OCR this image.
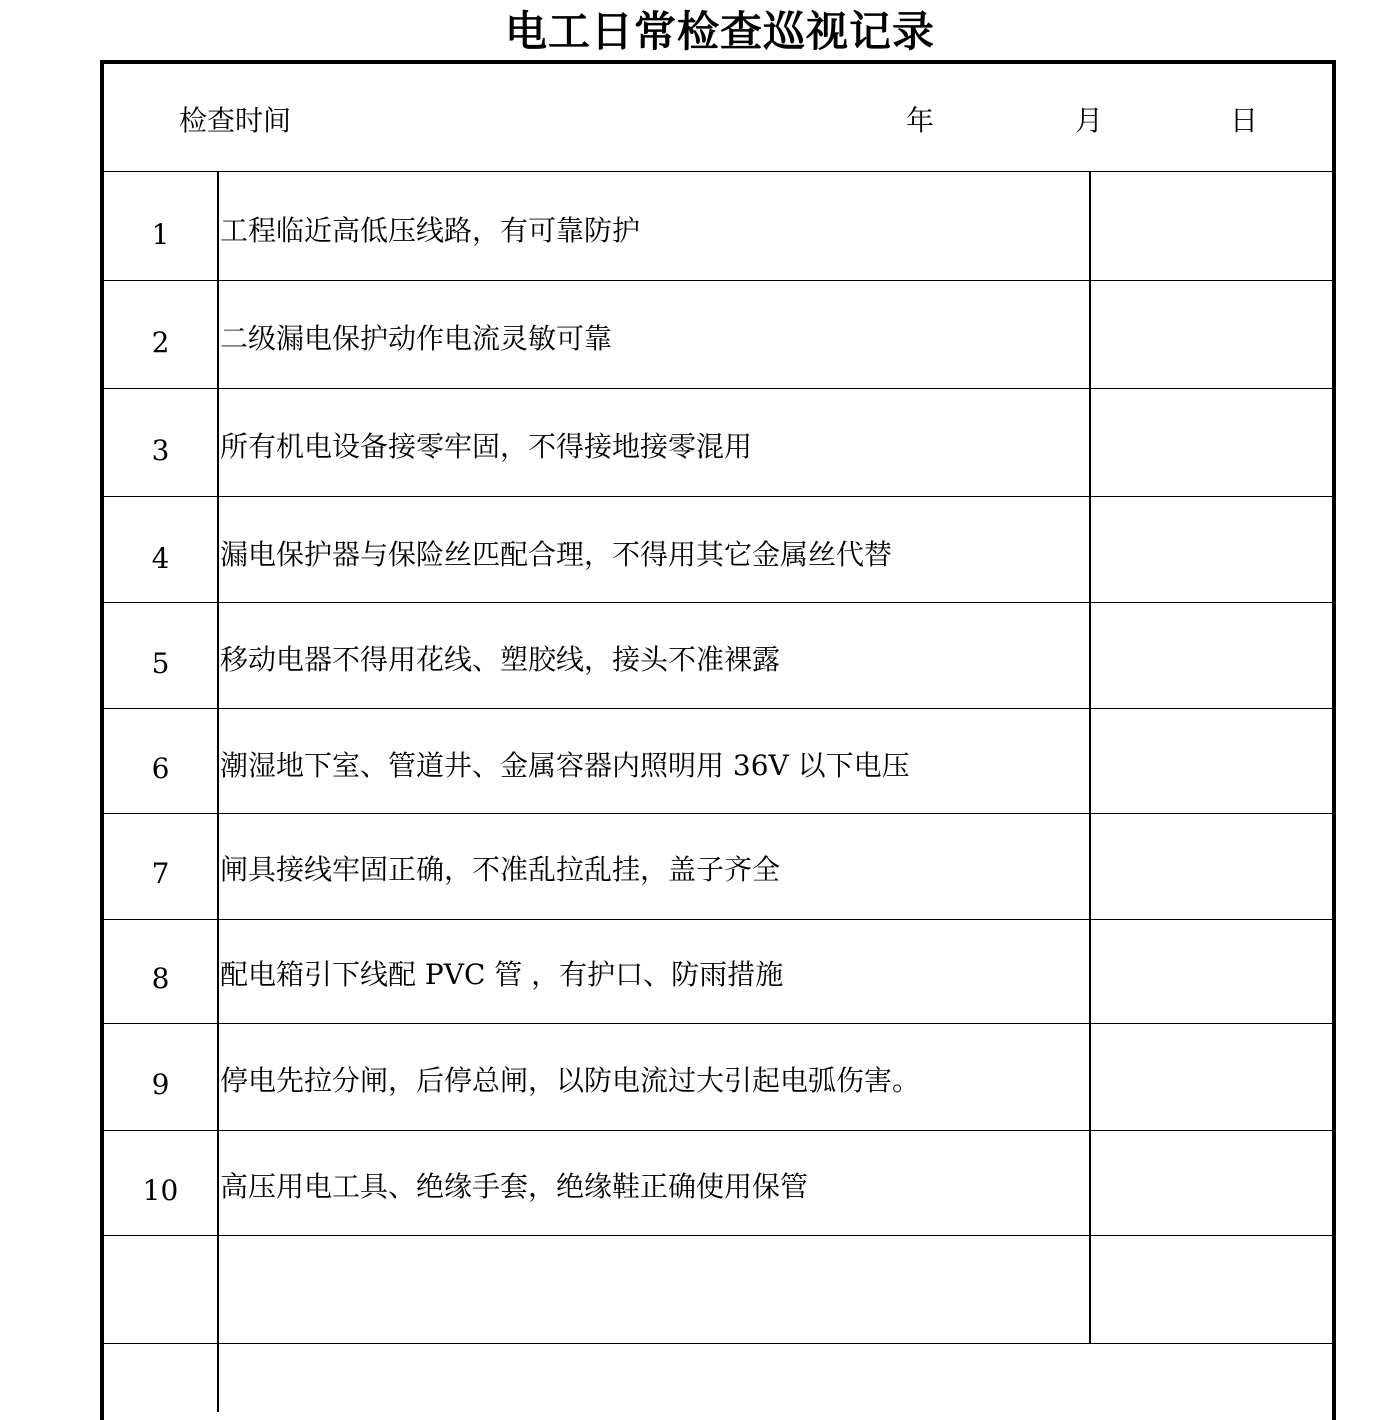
电工日常检查巡视记录
检查时间	年	月	日
1	工程临近高低压线路，有可靠防护
2	二级漏电保护动作电流灵敏可靠
3	所有机电设备接零牢固，不得接地接零混用
4	漏电保护器与保险丝匹配合理，不得用其它金属丝代替
5	移动电器不得用花线、塑胶线，接头不准裸露
6	潮湿地下室、管道井、金属容器内照明用 36V 以下电压
7	闸具接线牢固正确，不准乱拉乱挂，盖子齐全
8	配电箱引下线配 PVC 管 ，有护口、防雨措施
9	停电先拉分闸，后停总闸，以防电流过大引起电弧伤害。
10	高压用电工具、绝缘手套，绝缘鞋正确使用保管
